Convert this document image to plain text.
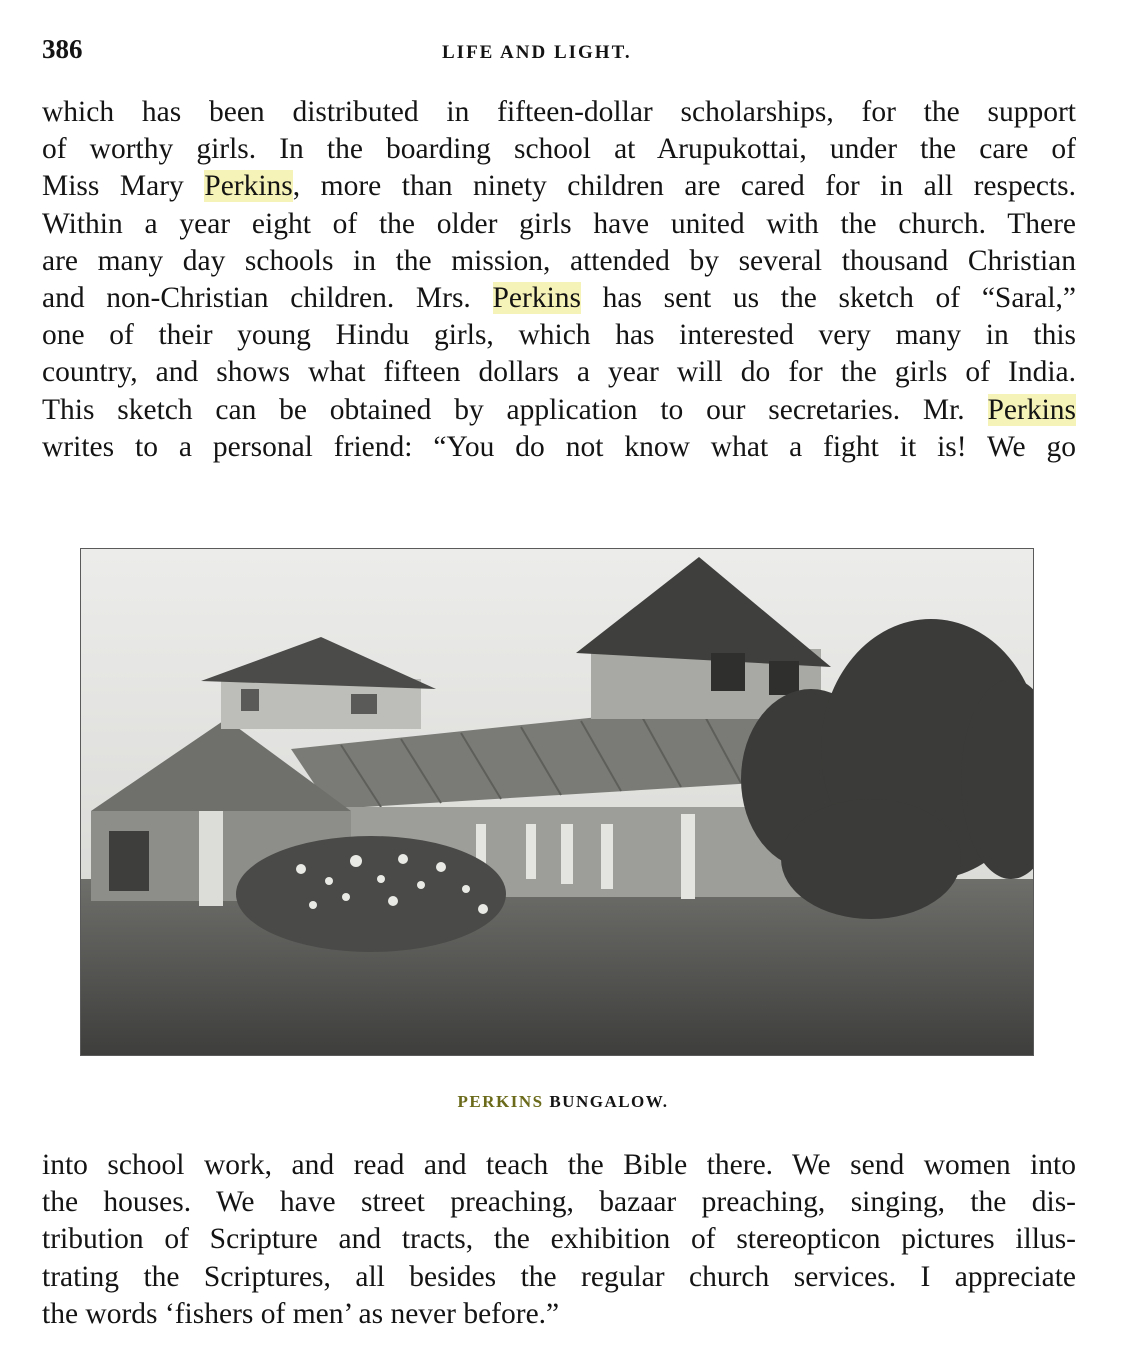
386	LIFE AND LIGHT.
which has been distributed in fifteen-dollar scholarships, for the support
of worthy girls. In the boarding school at Arupukottai, under the care of
Miss Mary Perkins, more than ninety children are cared for in all respects.
Within a year eight of the older girls have united with the church. There
are many day schools in the mission, attended by several thousand Christian
and non-Christian children. Mrs. Perkins has sent us the sketch of “Saral,”
one of their young Hindu girls, which has interested very many in this
country, and shows what fifteen dollars a year will do for the girls of India.
This sketch can be obtained by application to our secretaries. Mr. Perkins
writes to a personal friend: “You do not know what a fight it is! We go
PERKINS BUNGALOW.
into school work, and read and teach the Bible there. We send women into
the houses. We have street preaching, bazaar preaching, singing, the dis-
tribution of Scripture and tracts, the exhibition of stereopticon pictures illus-
trating the Scriptures, all besides the regular church services. I appreciate
the words ‘fishers of men’ as never before.”
